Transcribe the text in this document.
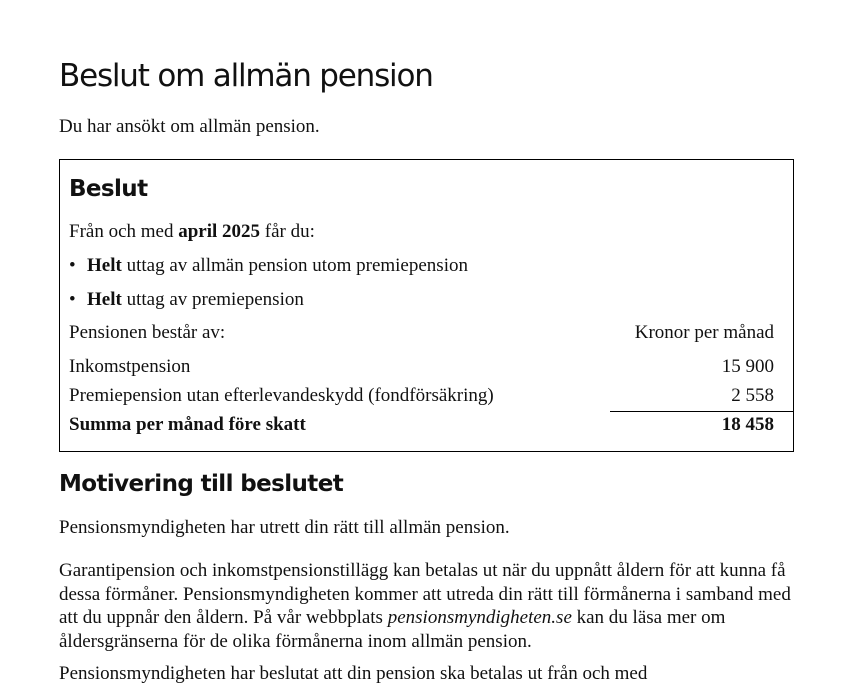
Beslut om allmän pension

Du har ansökt om allmän pension.

Beslut
Från och med april 2025 får du:
• Helt uttag av allmän pension utom premiepension
• Helt uttag av premiepension
Pensionen består av:	Kronor per månad
Inkomstpension	15 900
Premiepension utan efterlevandeskydd (fondförsäkring)	2 558
Summa per månad före skatt	18 458
Motivering till beslutet

Pensionsmyndigheten har utrett din rätt till allmän pension.

Garantipension och inkomstpensionstillägg kan betalas ut när du uppnått åldern för att kunna få dessa förmåner. Pensionsmyndigheten kommer att utreda din rätt till förmånerna i samband med att du uppnår den åldern. På vår webbplats pensionsmyndigheten.se kan du läsa mer om åldersgränserna för de olika förmånerna inom allmän pension.

Pensionsmyndigheten har beslutat att din pension ska betalas ut från och med
